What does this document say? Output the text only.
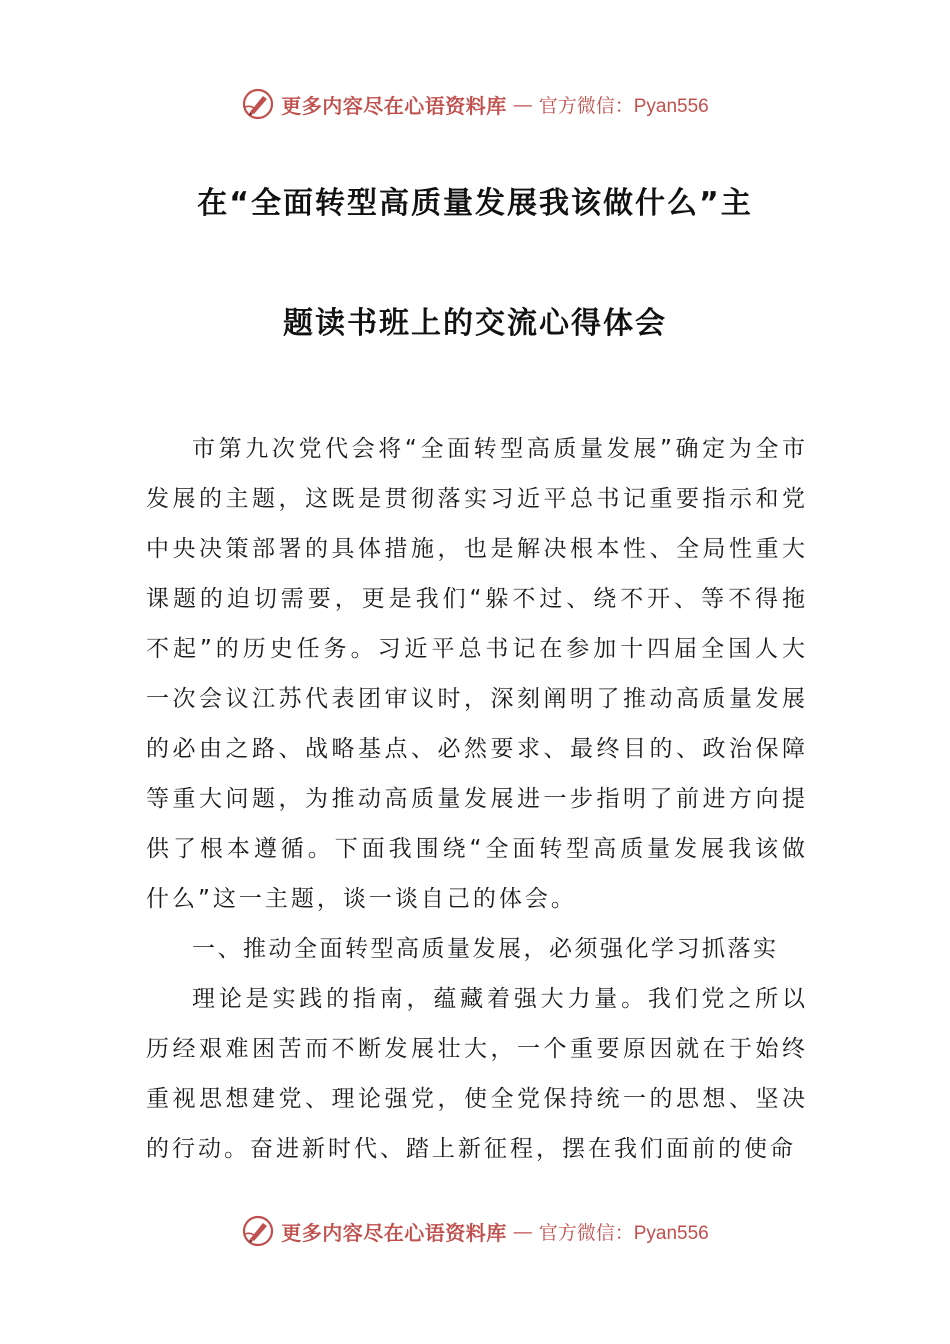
更多内容尽在心语资料库 — 官方微信：Pyan556
在“全面转型高质量发展我该做什么”主
题读书班上的交流心得体会

市第九次党代会将“全面转型高质量发展”确定为全市发展的主题，这既是贯彻落实习近平总书记重要指示和党中央决策部署的具体措施，也是解决根本性、全局性重大课题的迫切需要，更是我们“躲不过、绕不开、等不得拖不起”的历史任务。习近平总书记在参加十四届全国人大一次会议江苏代表团审议时，深刻阐明了推动高质量发展的必由之路、战略基点、必然要求、最终目的、政治保障等重大问题，为推动高质量发展进一步指明了前进方向提供了根本遵循。下面我围绕“全面转型高质量发展我该做什么”这一主题，谈一谈自己的体会。

一、推动全面转型高质量发展，必须强化学习抓落实

理论是实践的指南，蕴藏着强大力量。我们党之所以历经艰难困苦而不断发展壮大，一个重要原因就在于始终重视思想建党、理论强党，使全党保持统一的思想、坚决的行动。奋进新时代、踏上新征程，摆在我们面前的使命

更多内容尽在心语资料库 — 官方微信：Pyan556
